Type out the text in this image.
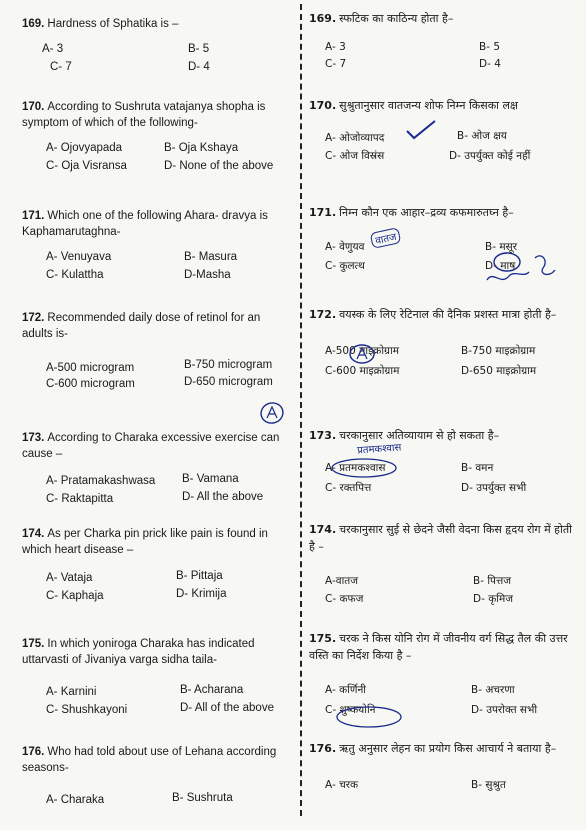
169. Hardness of Sphatika is –
A- 3	B- 5
C- 7	D- 4
170. According to Sushruta vatajanya shopha is symptom of which of the following-
A- Ojovyapada	B- Oja Kshaya
C- Oja Visransa	D- None of the above
171. Which one of the following Ahara- dravya is Kaphamarutaghna-
A- Venuyava	B- Masura
C- Kulattha	D-Masha
172. Recommended daily dose of retinol for an adults is-
A-500 microgram	B-750 microgram
C-600 microgram	D-650 microgram
173. According to Charaka excessive exercise can cause –
A- Pratamakashwasa B- Vamana
C- Raktapitta	D- All the above
174. As per Charka pin prick like pain is found in which heart disease –
A- Vataja	B- Pittaja
C- Kaphaja	D- Krimija
175. In which yoniroga Charaka has indicated uttarvasti of Jivaniya varga sidha taila-
A- Karnini	B- Acharana
C- Shushkayoni	D- All of the above
176. Who had told about use of Lehana according seasons-
A- Charaka	B- Sushruta
169. स्फटिक का काठिन्य होता है–
A- 3	B- 5
C- 7	D- 4
170. सुश्रुतानुसार वातजन्य शोफ निम्न किसका लक्ष
A- ओजोव्यापद	B- ओज क्षय
C- ओज विस्रंस	D- उपर्युक्त कोई नहीं
171. निम्न कौन एक आहार–द्रव्य कफमारुतघ्न है–
A- वेणुयव	B- मसूर
C- कुलत्थ	D- माष
वातज
172. वयस्क के लिए रेटिनाल की दैनिक प्रशस्त मात्रा होती है–
A-500 माइक्रोग्राम	B-750 माइक्रोग्राम
C-600 माइक्रोग्राम	D-650 माइक्रोग्राम
173. चरकानुसार अतिव्यायाम से हो सकता है–
A- प्रतमकश्वास	B- वमन
C- रक्तपित्त	D- उपर्युक्त सभी
प्रतमकश्वास
174. चरकानुसार सुई से छेदने जैसी वेदना किस हृदय रोग में होती है –
A-वातज	B- पित्तज
C- कफज	D- कृमिज
175. चरक ने किस योनि रोग में जीवनीय वर्ग सिद्ध तैल की उत्तर वस्ति का निर्देश किया है –
A- कर्णिनी	B- अचरणा
C- शुष्कयोनि	D- उपरोक्त सभी
176. ऋतु अनुसार लेहन का प्रयोग किस आचार्य ने बताया है–
A- चरक	B- सुश्रुत
